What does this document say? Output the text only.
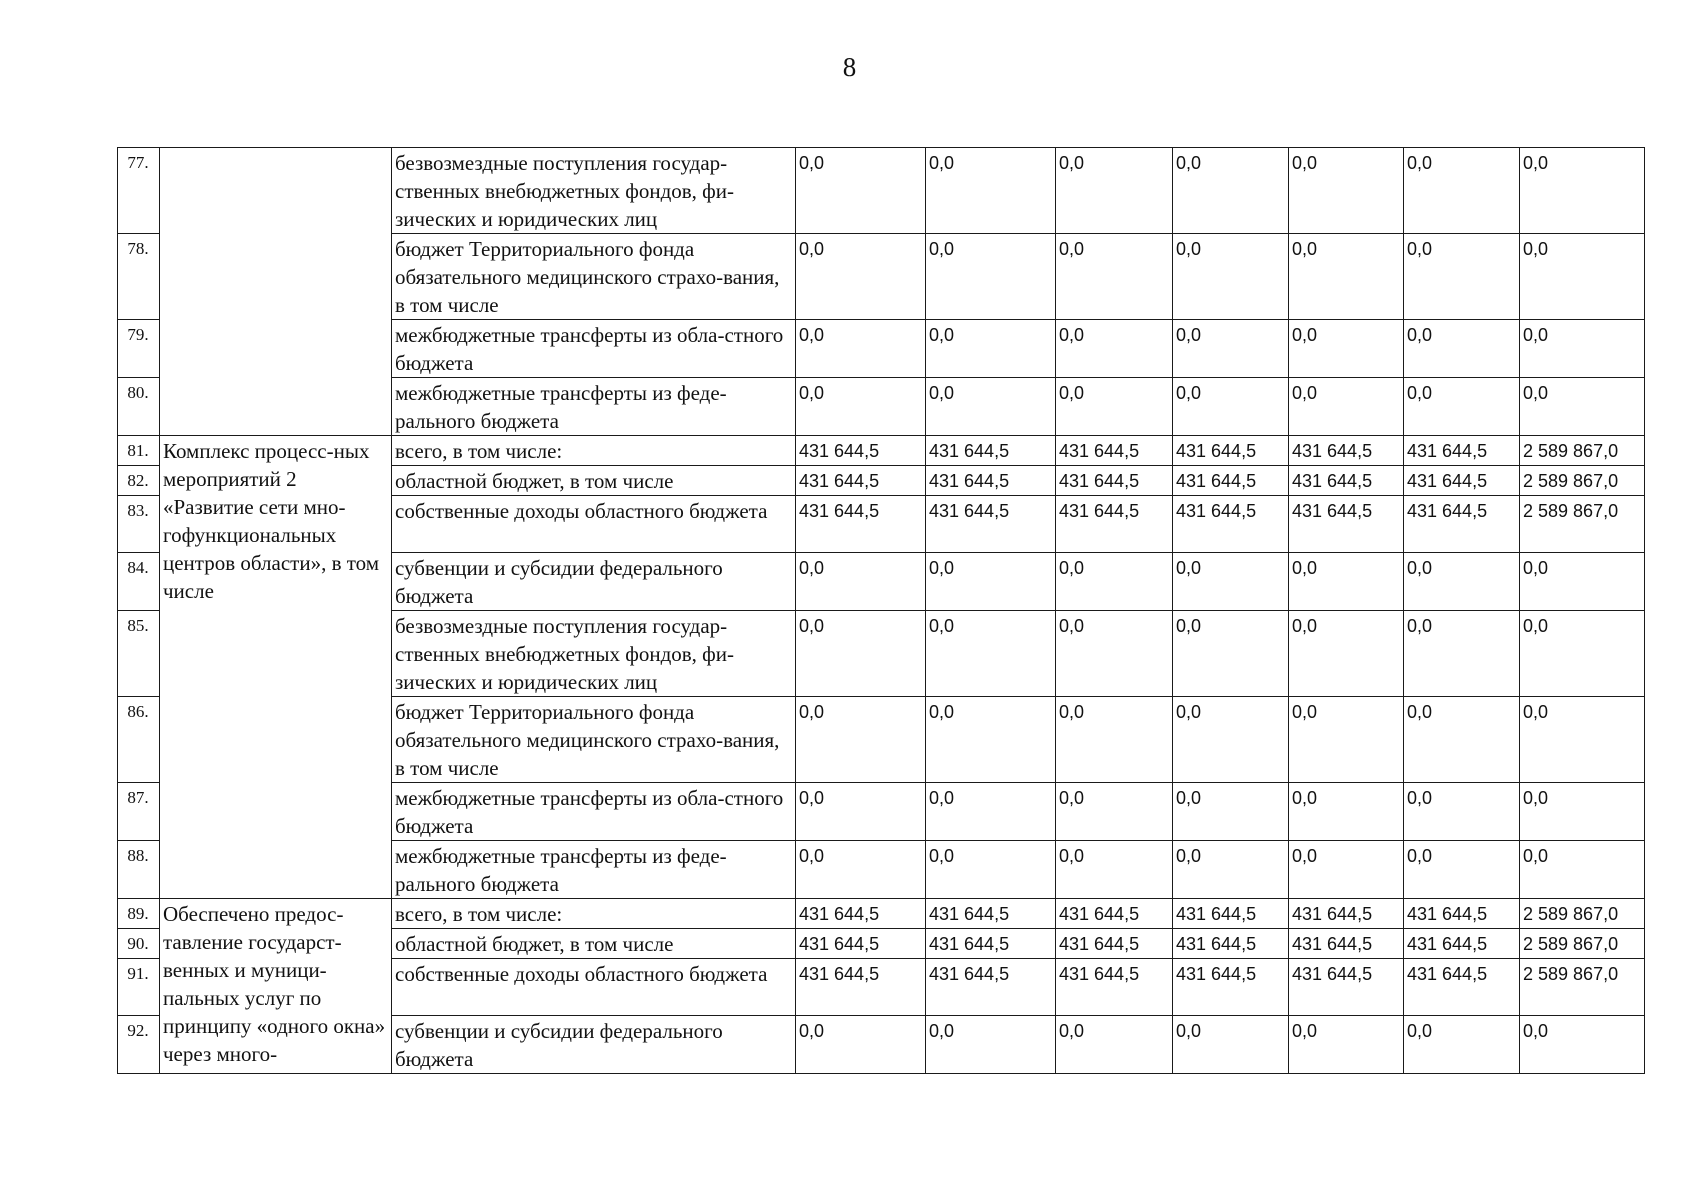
8
77.		безвозмездные поступления государ-ственных внебюджетных фондов, фи-зических и юридических лиц	0,0	0,0	0,0	0,0	0,0	0,0	0,0
78.		бюджет Территориального фонда обязательного медицинского страхо-вания, в том числе	0,0	0,0	0,0	0,0	0,0	0,0	0,0
79.		межбюджетные трансферты из обла-стного бюджета	0,0	0,0	0,0	0,0	0,0	0,0	0,0
80.		межбюджетные трансферты из феде-рального бюджета	0,0	0,0	0,0	0,0	0,0	0,0	0,0
81.	Комплекс процесс-ных мероприятий 2 «Развитие сети мно-гофункциональных центров области», в том числе	всего, в том числе:	431 644,5	431 644,5	431 644,5	431 644,5	431 644,5	431 644,5	2 589 867,0
82.		областной бюджет, в том числе	431 644,5	431 644,5	431 644,5	431 644,5	431 644,5	431 644,5	2 589 867,0
83.		собственные доходы областного бюджета	431 644,5	431 644,5	431 644,5	431 644,5	431 644,5	431 644,5	2 589 867,0
84.		субвенции и субсидии федерального бюджета	0,0	0,0	0,0	0,0	0,0	0,0	0,0
85.		безвозмездные поступления государ-ственных внебюджетных фондов, фи-зических и юридических лиц	0,0	0,0	0,0	0,0	0,0	0,0	0,0
86.		бюджет Территориального фонда обязательного медицинского страхо-вания, в том числе	0,0	0,0	0,0	0,0	0,0	0,0	0,0
87.		межбюджетные трансферты из обла-стного бюджета	0,0	0,0	0,0	0,0	0,0	0,0	0,0
88.		межбюджетные трансферты из феде-рального бюджета	0,0	0,0	0,0	0,0	0,0	0,0	0,0
89.	Обеспечено предос-тавление государст-венных и муници-пальных услуг по принципу «одного окна» через много-	всего, в том числе:	431 644,5	431 644,5	431 644,5	431 644,5	431 644,5	431 644,5	2 589 867,0
90.		областной бюджет, в том числе	431 644,5	431 644,5	431 644,5	431 644,5	431 644,5	431 644,5	2 589 867,0
91.		собственные доходы областного бюджета	431 644,5	431 644,5	431 644,5	431 644,5	431 644,5	431 644,5	2 589 867,0
92.		субвенции и субсидии федерального бюджета	0,0	0,0	0,0	0,0	0,0	0,0	0,0
